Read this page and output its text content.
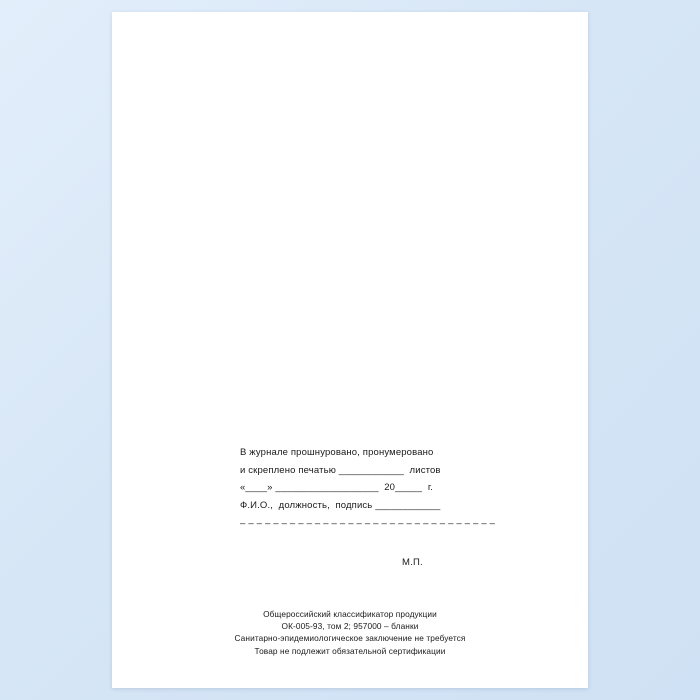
В журнале прошнуровано, пронумеровано
и скреплено печатью ____________  листов
«____» ___________________  20_____  г.
Ф.И.О.,  должность,  подпись ____________
– – – – – – – – – – – – – – – – – – – – – – – – – – – – – – –
М.П.
Общероссийский классификатор продукции
ОК-005-93, том 2; 957000 – бланки
Санитарно-эпидемиологическое заключение не требуется
Товар не подлежит обязательной сертификации
